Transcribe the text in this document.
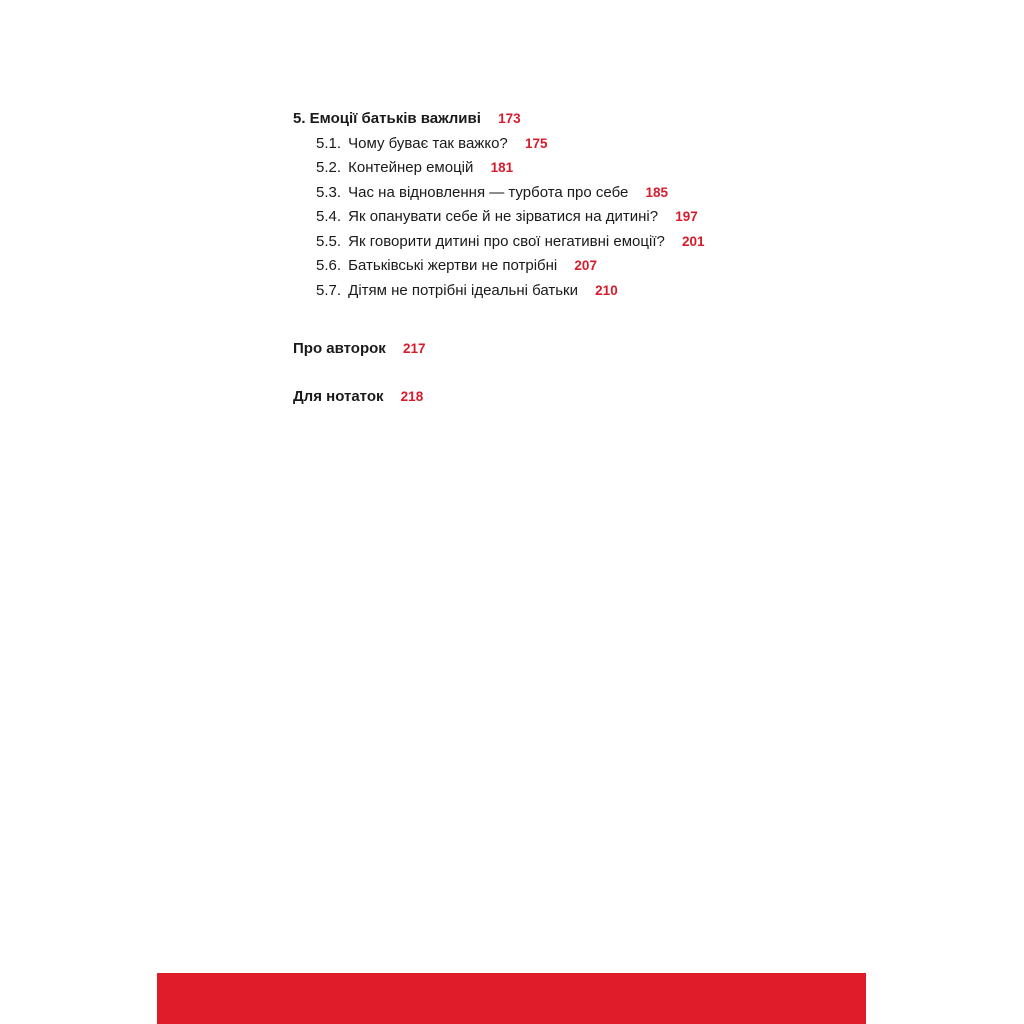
5. Емоції батьків важливі 173
5.1. Чому буває так важко? 175
5.2. Контейнер емоцій 181
5.3. Час на відновлення — турбота про себе 185
5.4. Як опанувати себе й не зірватися на дитині? 197
5.5. Як говорити дитині про свої негативні емоції? 201
5.6. Батьківські жертви не потрібні 207
5.7. Дітям не потрібні ідеальні батьки 210
Про авторок 217
Для нотаток 218
